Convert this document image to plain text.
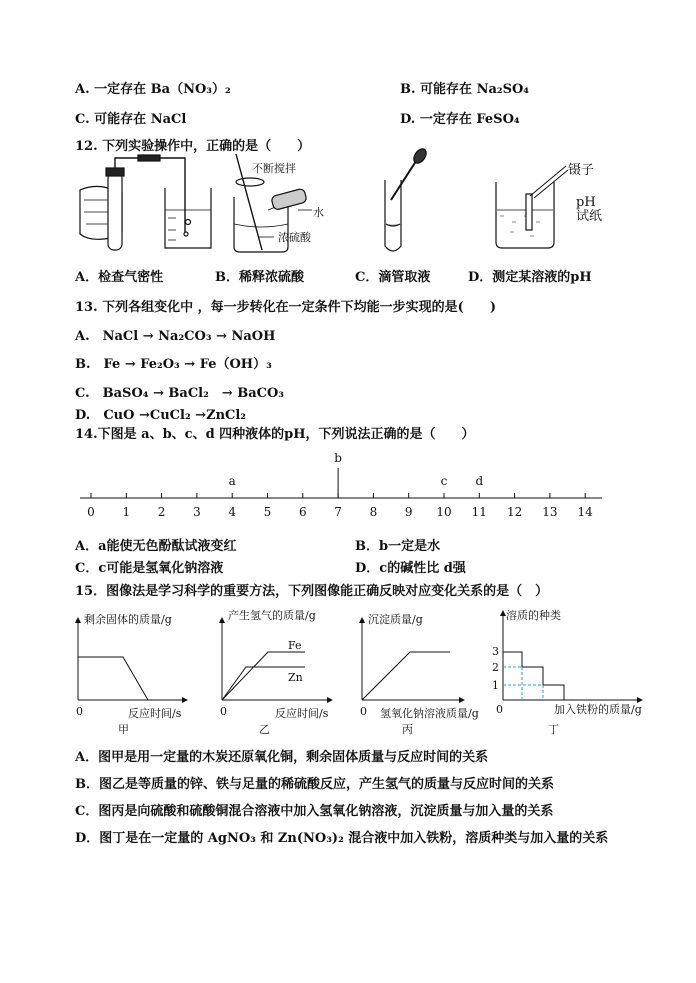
A. 一定存在 Ba（NO₃）₂	B. 可能存在 Na₂SO₄
C. 可能存在 NaCl	D. 一定存在 FeSO₄
12. 下列实验操作中，正确的是（　　）
不断搅拌
水
浓硫酸
镊子
pH
试纸
A．检查气密性	B．稀释浓硫酸	C．滴管取液	D．测定某溶液的pH
13. 下列各组变化中 ，每一步转化在一定条件下均能一步实现的是(　　)
A.　NaCl → Na₂CO₃ → NaOH
B.　Fe → Fe₂O₃ → Fe（OH）₃
C.　BaSO₄ → BaCl₂　→ BaCO₃
D.　CuO →CuCl₂ →ZnCl₂
14.下图是 a、b、c、d 四种液体的pH，下列说法正确的是（　　）
0 1 2 3 4 5 6 7 8 9 10 11 12 13 14
a
b
c d
A．a能使无色酚酞试液变红	B．b一定是水
C．c可能是氢氧化钠溶液	D．c的碱性比 d强
15．图像法是学习科学的重要方法，下列图像能正确反映对应变化关系的是（　）
剩余固体的质量/g
反应时间/s
0
甲
产生氢气的质量/g
Fe
Zn
反应时间/s
0
乙
沉淀质量/g
氢氧化钠溶液质量/g
0
丙
溶质的种类
3
2
1
0	加入铁粉的质量/g
丁
A．图甲是用一定量的木炭还原氧化铜，剩余固体质量与反应时间的关系
B．图乙是等质量的锌、铁与足量的稀硫酸反应，产生氢气的质量与反应时间的关系
C．图丙是向硫酸和硫酸铜混合溶液中加入氢氧化钠溶液，沉淀质量与加入量的关系
D．图丁是在一定量的 AgNO₃ 和 Zn(NO₃)₂ 混合液中加入铁粉，溶质种类与加入量的关系
